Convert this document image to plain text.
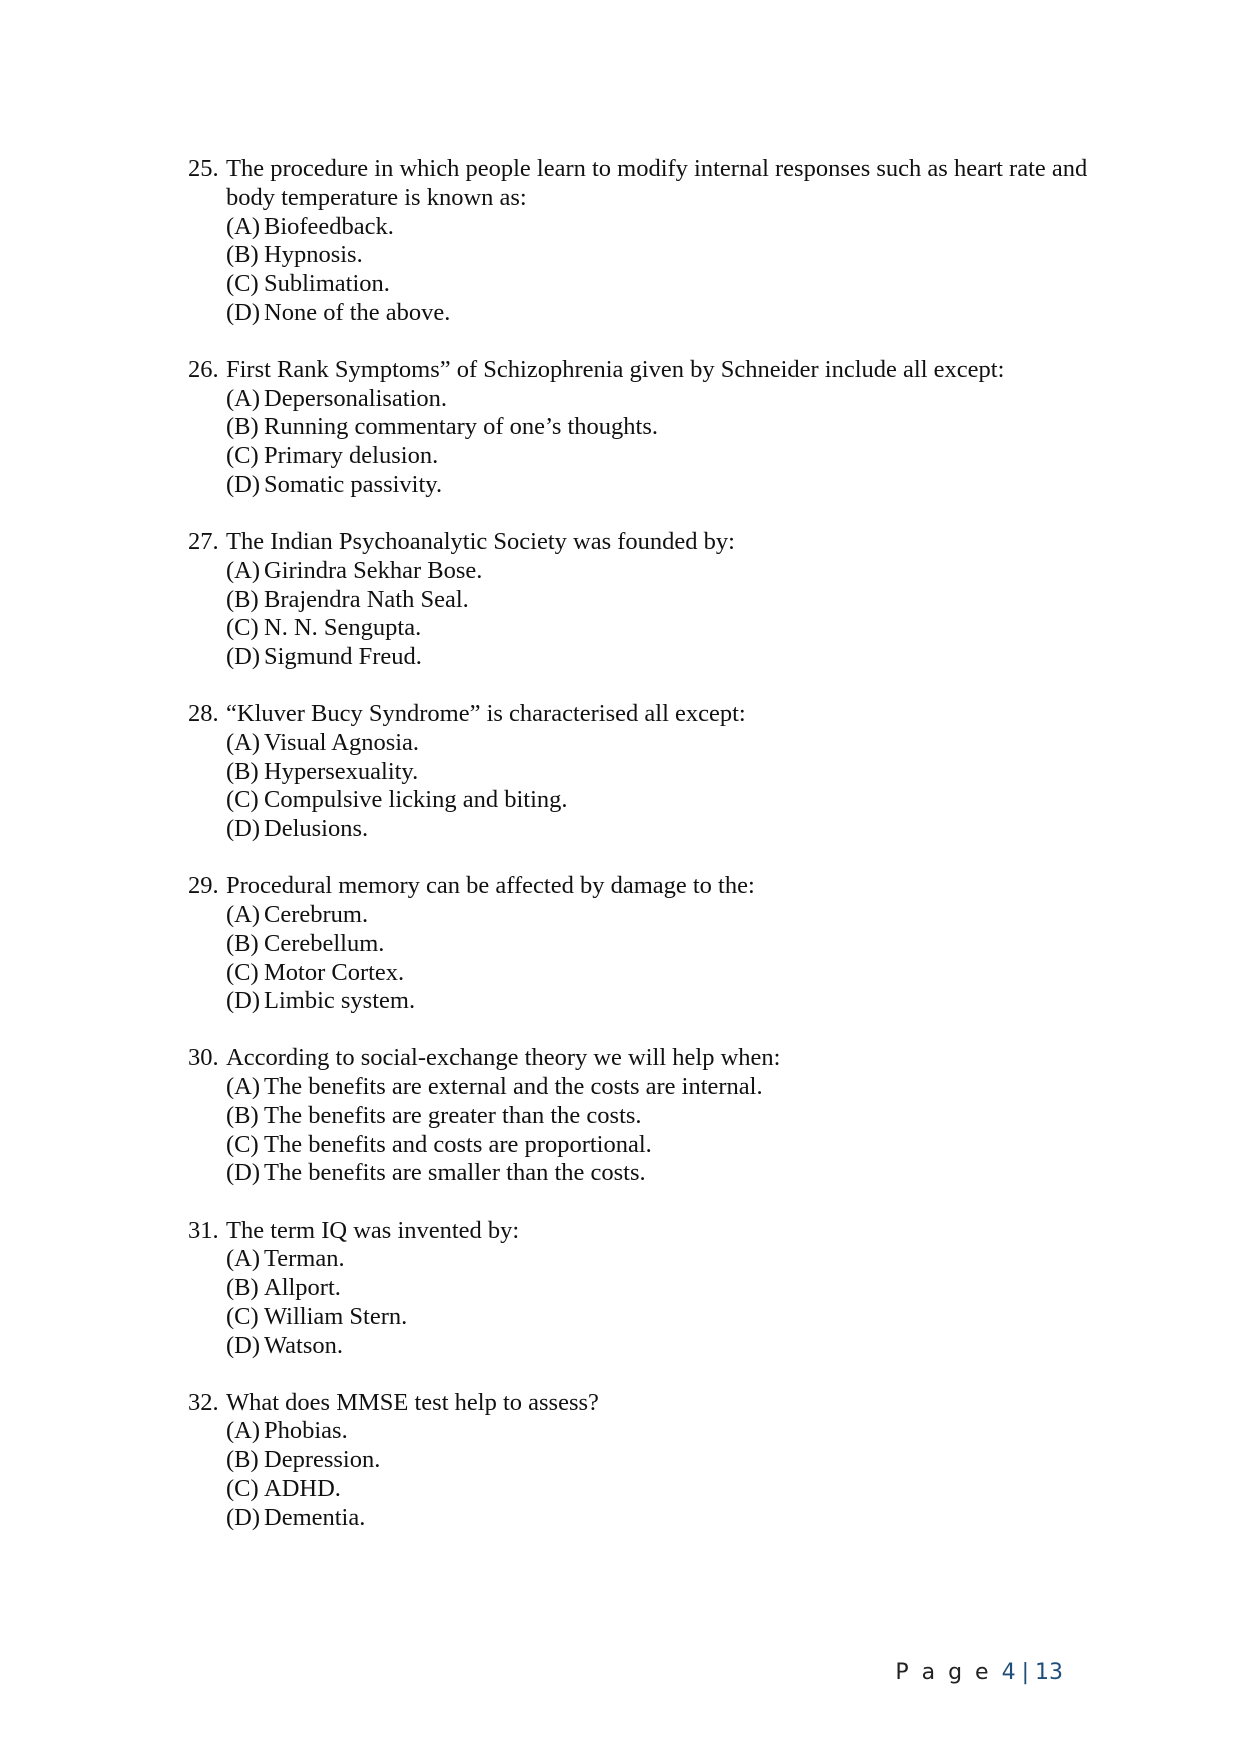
25. The procedure in which people learn to modify internal responses such as heart rate and body temperature is known as:
(A) Biofeedback.
(B) Hypnosis.
(C) Sublimation.
(D) None of the above.
26. First Rank Symptoms” of Schizophrenia given by Schneider include all except:
(A) Depersonalisation.
(B) Running commentary of one’s thoughts.
(C) Primary delusion.
(D) Somatic passivity.
27. The Indian Psychoanalytic Society was founded by:
(A) Girindra Sekhar Bose.
(B) Brajendra Nath Seal.
(C) N. N. Sengupta.
(D) Sigmund Freud.
28. “Kluver Bucy Syndrome” is characterised all except:
(A) Visual Agnosia.
(B) Hypersexuality.
(C) Compulsive licking and biting.
(D) Delusions.
29. Procedural memory can be affected by damage to the:
(A) Cerebrum.
(B) Cerebellum.
(C) Motor Cortex.
(D) Limbic system.
30. According to social-exchange theory we will help when:
(A) The benefits are external and the costs are internal.
(B) The benefits are greater than the costs.
(C) The benefits and costs are proportional.
(D) The benefits are smaller than the costs.
31. The term IQ was invented by:
(A) Terman.
(B) Allport.
(C) William Stern.
(D) Watson.
32. What does MMSE test help to assess?
(A) Phobias.
(B) Depression.
(C) ADHD.
(D) Dementia.
P a g e 4 | 13
